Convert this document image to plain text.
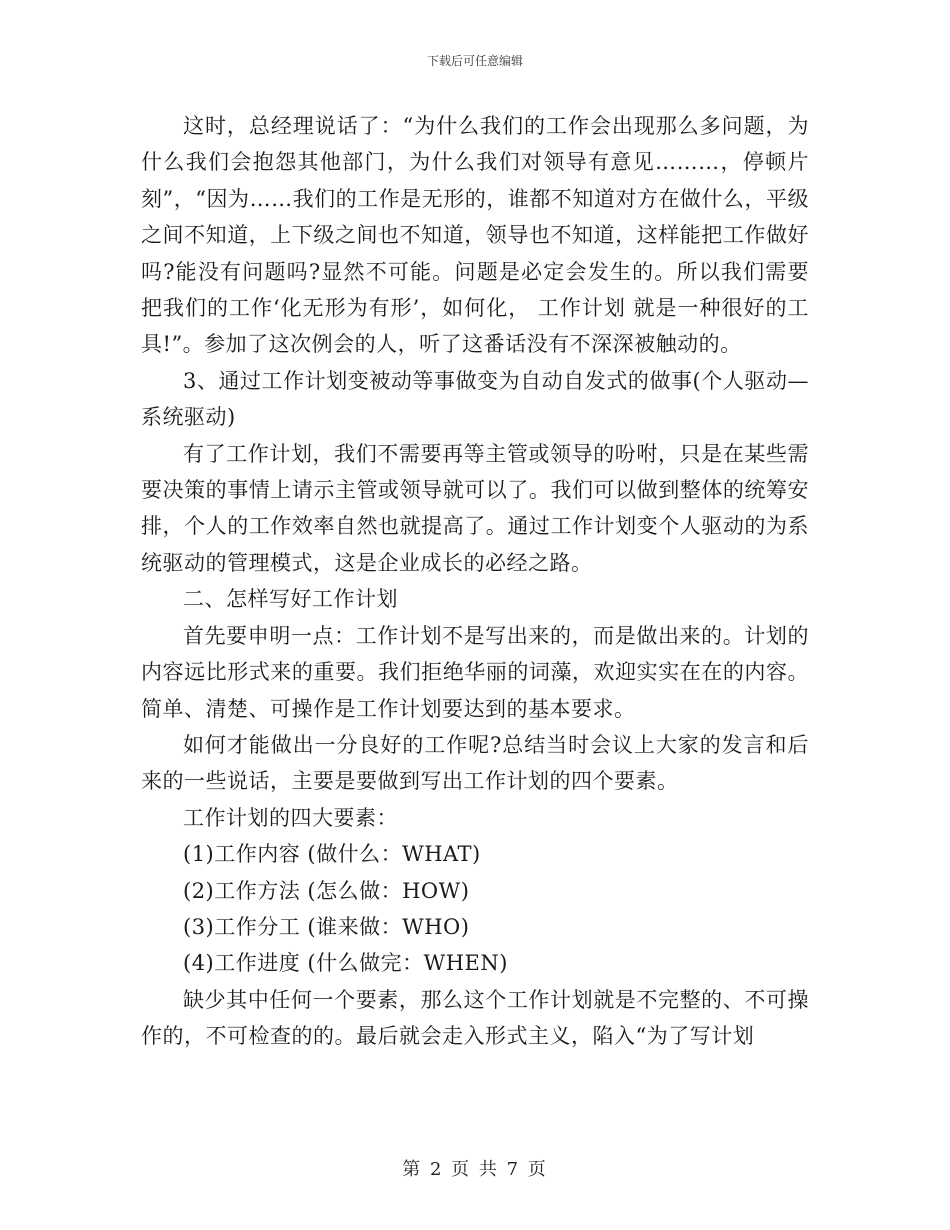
下载后可任意编辑

这时，总经理说话了：“为什么我们的工作会出现那么多问题，为什么我们会抱怨其他部门，为什么我们对领导有意见………，停顿片刻”，“因为……我们的工作是无形的，谁都不知道对方在做什么，平级之间不知道，上下级之间也不知道，领导也不知道，这样能把工作做好吗?能没有问题吗?显然不可能。问题是必定会发生的。所以我们需要把我们的工作‘化无形为有形’，如何化， 工作计划 就是一种很好的工具!”。参加了这次例会的人，听了这番话没有不深深被触动的。

3、通过工作计划变被动等事做变为自动自发式的做事(个人驱动—系统驱动)

有了工作计划，我们不需要再等主管或领导的吩咐，只是在某些需要决策的事情上请示主管或领导就可以了。我们可以做到整体的统筹安排，个人的工作效率自然也就提高了。通过工作计划变个人驱动的为系统驱动的管理模式，这是企业成长的必经之路。

二、怎样写好工作计划

首先要申明一点：工作计划不是写出来的，而是做出来的。计划的内容远比形式来的重要。我们拒绝华丽的词藻，欢迎实实在在的内容。简单、清楚、可操作是工作计划要达到的基本要求。

如何才能做出一分良好的工作呢?总结当时会议上大家的发言和后来的一些说话，主要是要做到写出工作计划的四个要素。

工作计划的四大要素：

(1)工作内容 (做什么：WHAT)

(2)工作方法 (怎么做：HOW)

(3)工作分工 (谁来做：WHO)

(4)工作进度 (什么做完：WHEN)

缺少其中任何一个要素，那么这个工作计划就是不完整的、不可操作的，不可检查的的。最后就会走入形式主义，陷入“为了写计划

第 2 页 共 7 页
